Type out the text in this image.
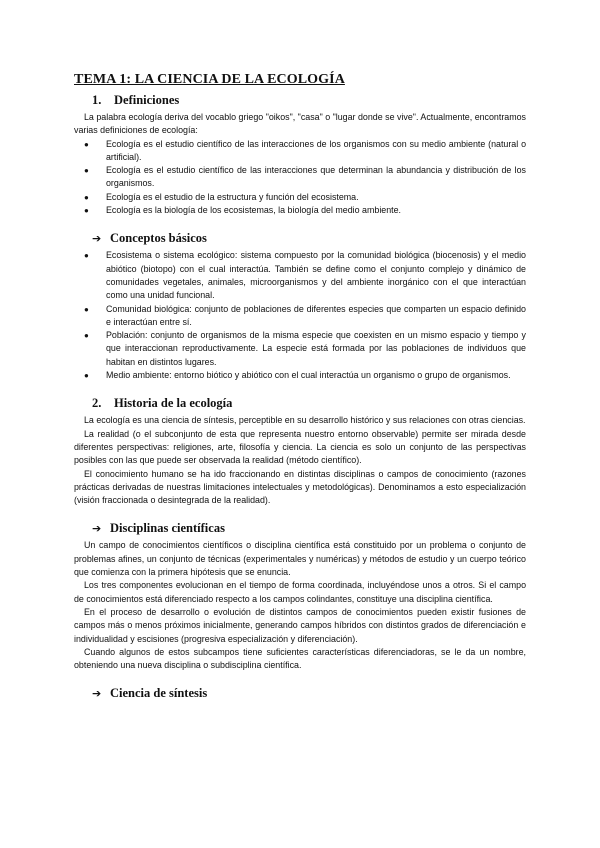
TEMA 1: LA CIENCIA DE LA ECOLOGÍA
1.	Definiciones

La palabra ecología deriva del vocablo griego "oikos", "casa" o "lugar donde se vive". Actualmente, encontramos varias definiciones de ecología:

● Ecología es el estudio científico de las interacciones de los organismos con su medio ambiente (natural o artificial).
● Ecología es el estudio científico de las interacciones que determinan la abundancia y distribución de los organismos.
● Ecología es el estudio de la estructura y función del ecosistema.
● Ecología es la biología de los ecosistemas, la biología del medio ambiente.
➔ Conceptos básicos
● Ecosistema o sistema ecológico: sistema compuesto por la comunidad biológica (biocenosis) y el medio abiótico (biotopo) con el cual interactúa. También se define como el conjunto complejo y dinámico de comunidades vegetales, animales, microorganismos y del ambiente inorgánico con el que interactúan como una unidad funcional.
● Comunidad biológica: conjunto de poblaciones de diferentes especies que comparten un espacio definido e interactúan entre sí.
● Población: conjunto de organismos de la misma especie que coexisten en un mismo espacio y tiempo y que interaccionan reproductivamente. La especie está formada por las poblaciones de individuos que habitan en distintos lugares.
● Medio ambiente: entorno biótico y abiótico con el cual interactúa un organismo o grupo de organismos.
2.	Historia de la ecología

La ecología es una ciencia de síntesis, perceptible en su desarrollo histórico y sus relaciones con otras ciencias.

La realidad (o el subconjunto de esta que representa nuestro entorno observable) permite ser mirada desde diferentes perspectivas: religiones, arte, filosofía y ciencia. La ciencia es solo un conjunto de las perspectivas posibles con las que puede ser observada la realidad (método científico).

El conocimiento humano se ha ido fraccionando en distintas disciplinas o campos de conocimiento (razones prácticas derivadas de nuestras limitaciones intelectuales y metodológicas). Denominamos a esto especialización (visión fraccionada o desintegrada de la realidad).

➔ Disciplinas científicas

Un campo de conocimientos científicos o disciplina científica está constituido por un problema o conjunto de problemas afines, un conjunto de técnicas (experimentales y numéricas) y métodos de estudio y un cuerpo teórico que comienza con la primera hipótesis que se enuncia.

Los tres componentes evolucionan en el tiempo de forma coordinada, incluyéndose unos a otros. Si el campo de conocimientos está diferenciado respecto a los campos colindantes, constituye una disciplina científica.

En el proceso de desarrollo o evolución de distintos campos de conocimientos pueden existir fusiones de campos más o menos próximos inicialmente, generando campos híbridos con distintos grados de diferenciación e individualidad y escisiones (progresiva especialización y diferenciación).

Cuando algunos de estos subcampos tiene suficientes características diferenciadoras, se le da un nombre, obteniendo una nueva disciplina o subdisciplina científica.

➔ Ciencia de síntesis
